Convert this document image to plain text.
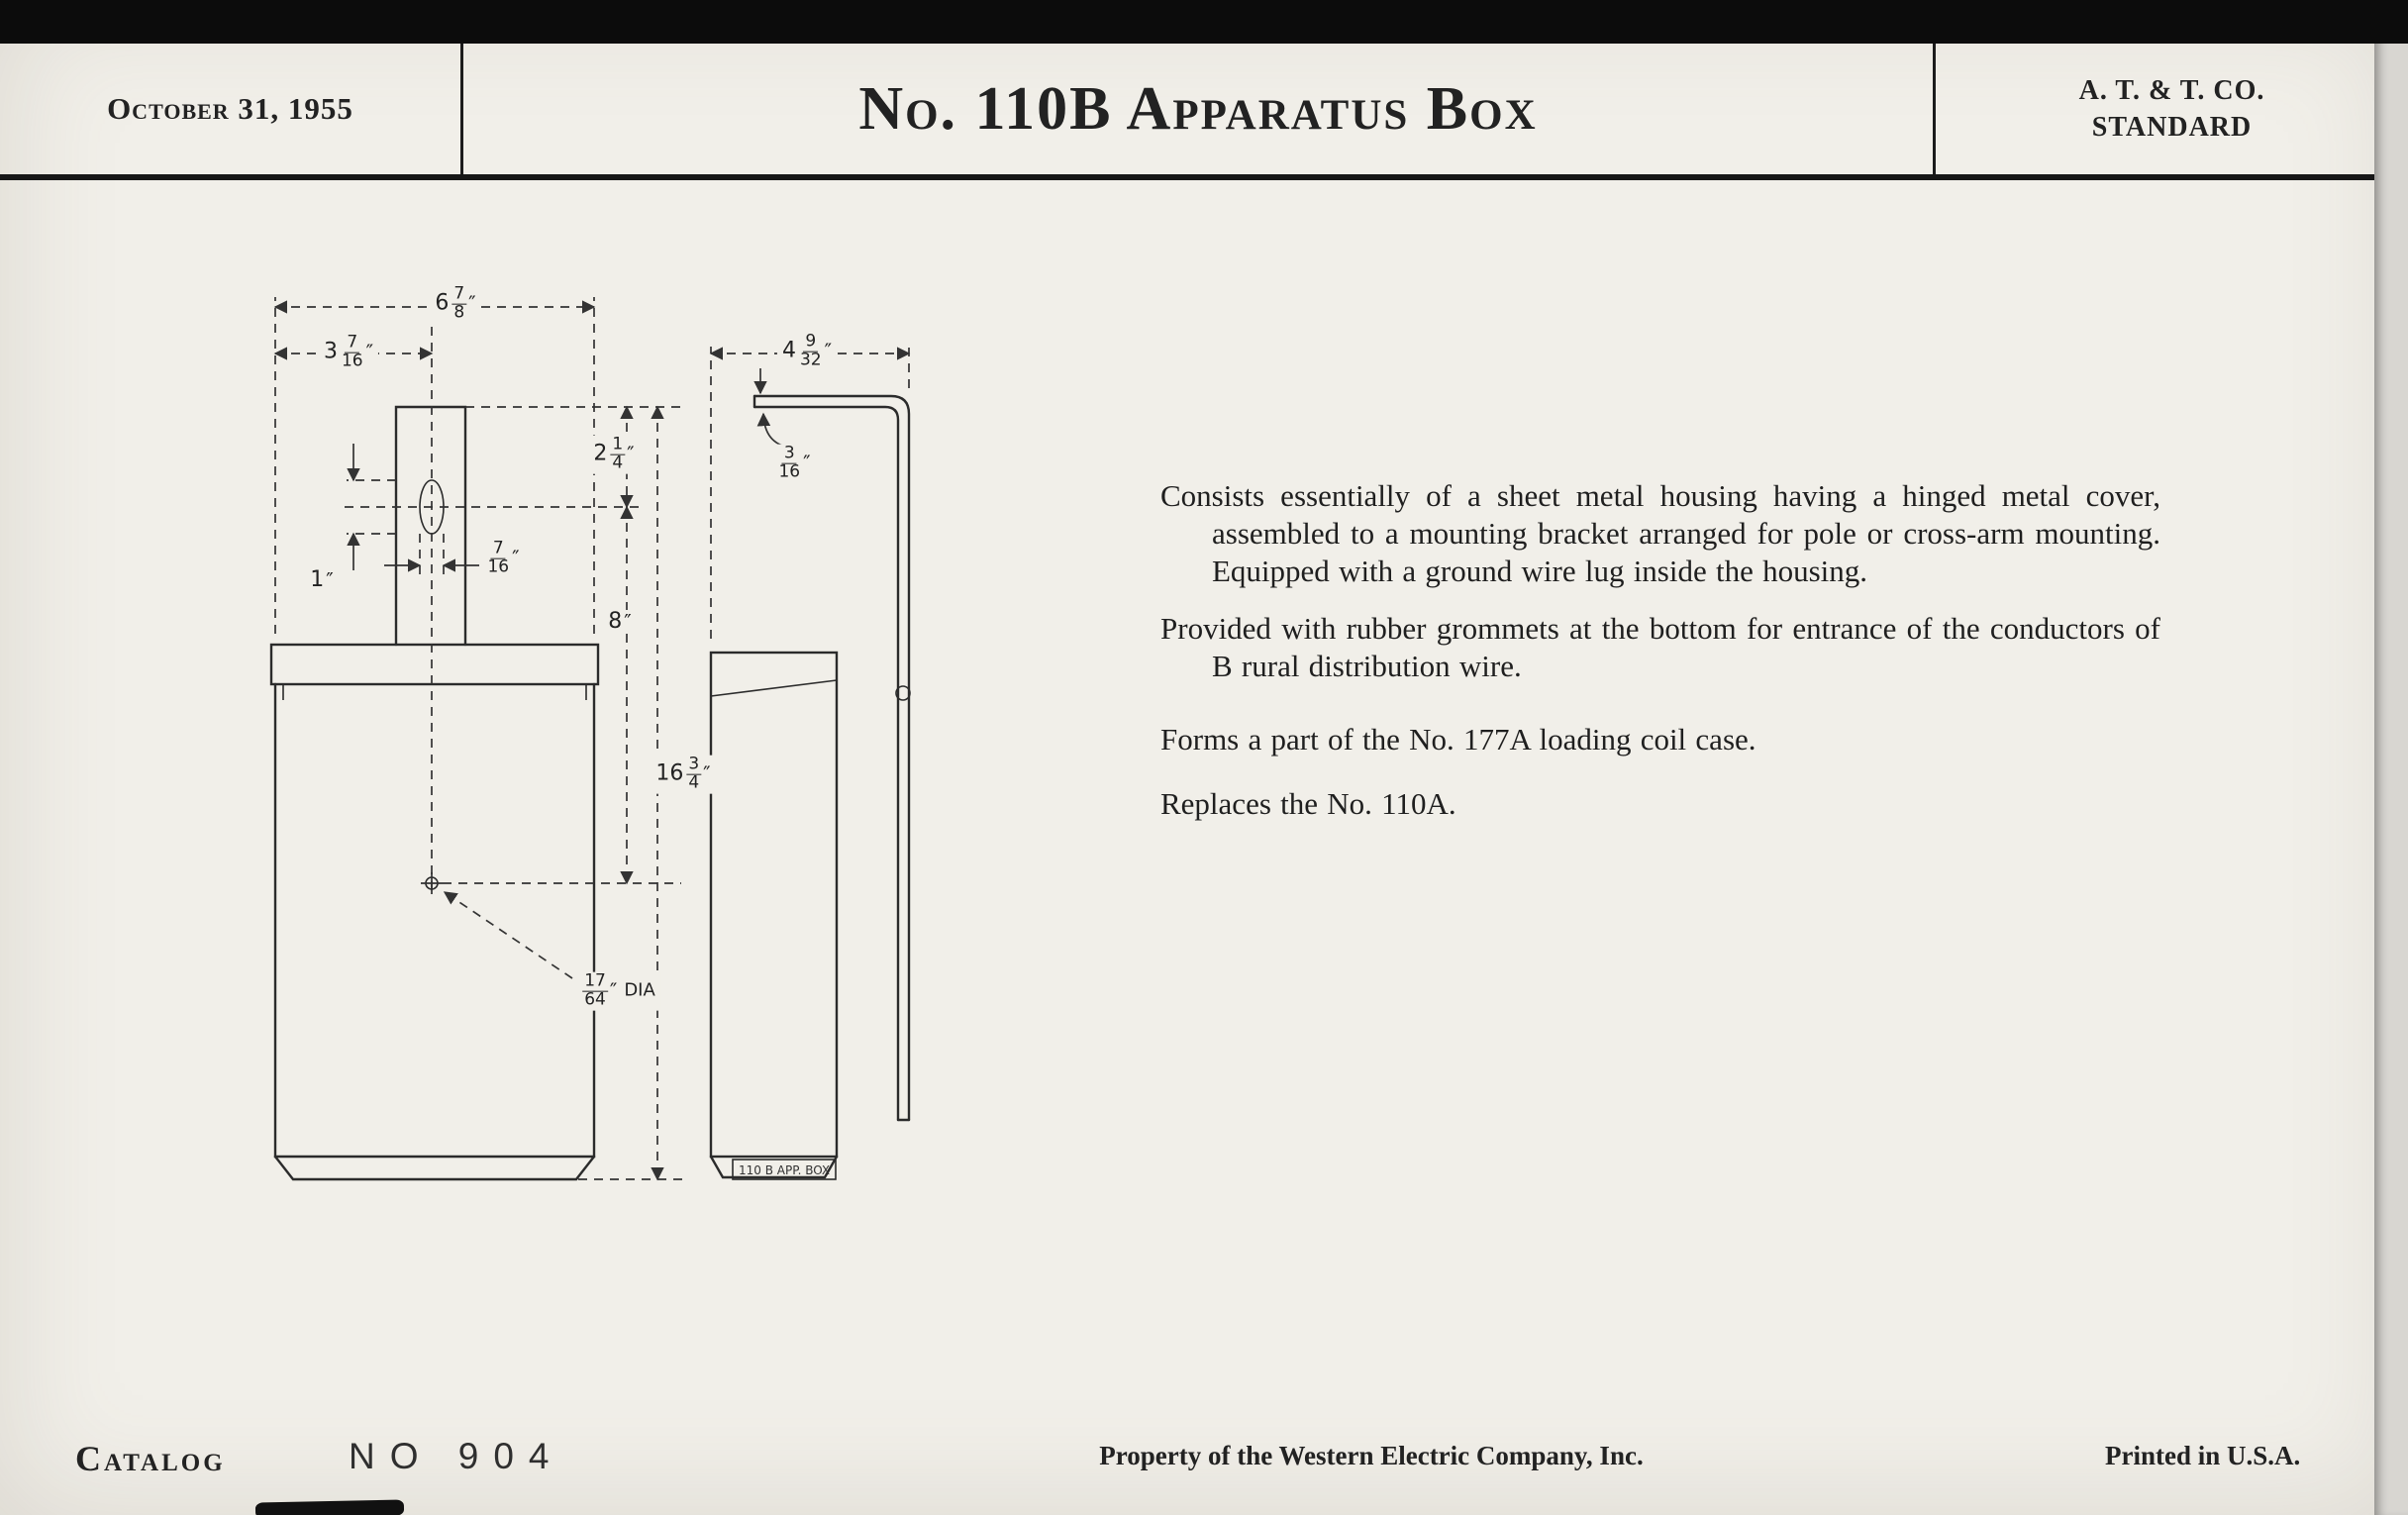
October 31, 1955	No. 110B Apparatus Box	A. T. & T. CO.
STANDARD
110 B APP. BOX
6 7
8 ″
3 7
16 ″	4 9
32 ″
2 1
4 ″	3
16 ″
7
16 ″
1 ″
8 ″
16 3
4 ″
17
64 ″ DIA

Consists essentially of a sheet metal housing having a hinged metal cover, assembled to a mounting bracket arranged for pole or cross-arm mounting. Equipped with a ground wire lug inside the housing.

Provided with rubber grommets at the bottom for entrance of the conductors of B rural distribution wire.

Forms a part of the No. 177A loading coil case.

Replaces the No. 110A.

Catalog	NO 904	Property of the Western Electric Company, Inc.	Printed in U.S.A.
